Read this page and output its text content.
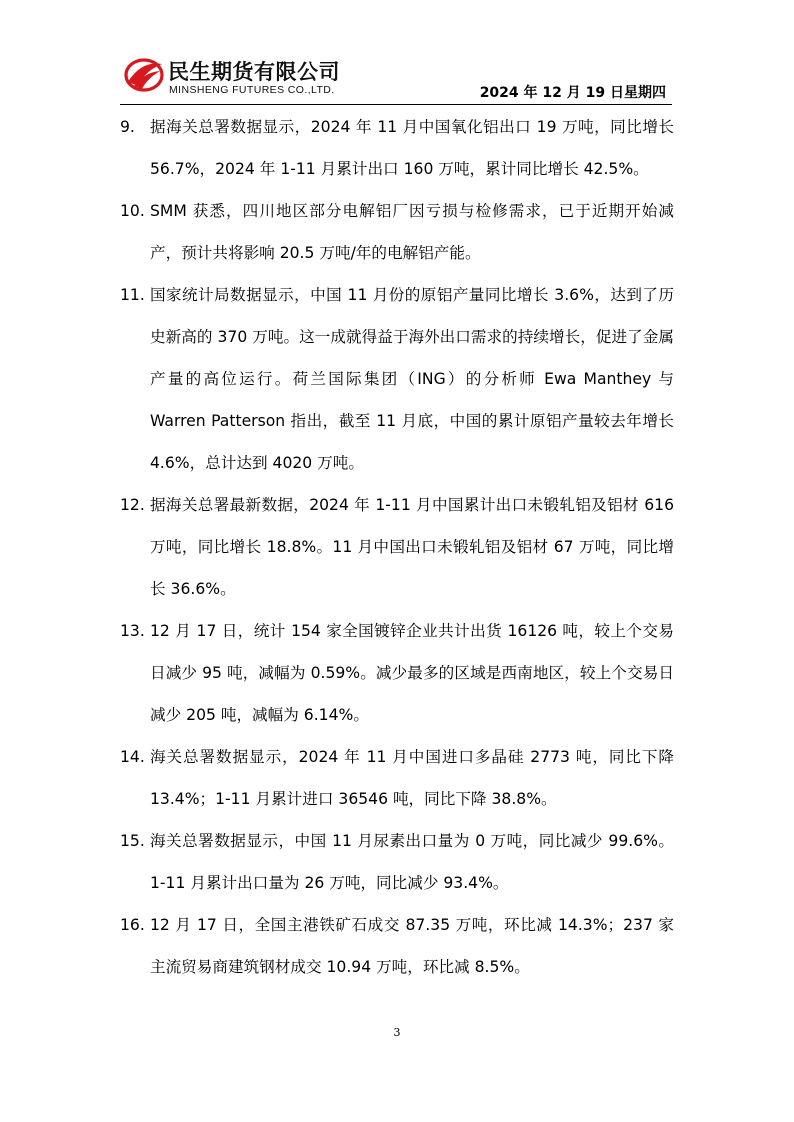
民生期货有限公司
MINSHENG FUTURES CO.,LTD.	2024 年 12 月 19 日星期四
9. 据海关总署数据显示，2024 年 11 月中国氧化铝出口 19 万吨，同比增长 56.7%，2024 年 1-11 月累计出口 160 万吨，累计同比增长 42.5%。
10. SMM 获悉，四川地区部分电解铝厂因亏损与检修需求，已于近期开始减产，预计共将影响 20.5 万吨/年的电解铝产能。
11. 国家统计局数据显示，中国 11 月份的原铝产量同比增长 3.6%，达到了历史新高的 370 万吨。这一成就得益于海外出口需求的持续增长，促进了金属产量的高位运行。荷兰国际集团（ING）的分析师 Ewa Manthey 与 Warren Patterson 指出，截至 11 月底，中国的累计原铝产量较去年增长 4.6%，总计达到 4020 万吨。
12. 据海关总署最新数据，2024 年 1-11 月中国累计出口未锻轧铝及铝材 616 万吨，同比增长 18.8%。11 月中国出口未锻轧铝及铝材 67 万吨，同比增长 36.6%。
13. 12 月 17 日，统计 154 家全国镀锌企业共计出货 16126 吨，较上个交易日减少 95 吨，减幅为 0.59%。减少最多的区域是西南地区，较上个交易日减少 205 吨，减幅为 6.14%。
14. 海关总署数据显示，2024 年 11 月中国进口多晶硅 2773 吨，同比下降 13.4%；1-11 月累计进口 36546 吨，同比下降 38.8%。
15. 海关总署数据显示，中国 11 月尿素出口量为 0 万吨，同比减少 99.6%。1-11 月累计出口量为 26 万吨，同比减少 93.4%。
16. 12 月 17 日，全国主港铁矿石成交 87.35 万吨，环比减 14.3%；237 家主流贸易商建筑钢材成交 10.94 万吨，环比减 8.5%。
3
